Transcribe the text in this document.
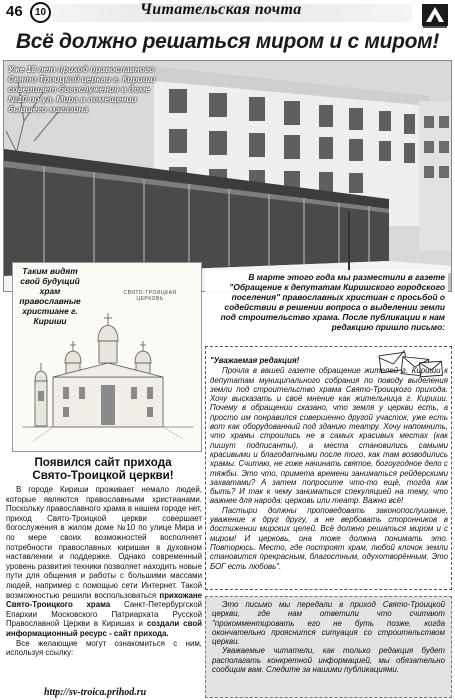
46	10	Читательская почта
Всё должно решаться миром и с миром!
Уже 18 лет приход православного Свято-Троицкой церкви г. Кириши совершает богослужения в доме №10 по ул. Мира в помещении бывшего магазина
Таким видят свой будущий храм православные христиане г. Кириши
СВЯТО-ТРОИЦКАЯ ЦЕРКОВЬ
В марте этого года мы разместили в газете "Обращение к депутатам Киришского городского поселения" православных христиан с просьбой о содействии в решении вопроса о выделении земли под строительство храма. После публикации к нам редакцию пришло письмо:

"Уважаемая редакция!

Прочла в вашей газете обращение жителей г. Кириши к депутатам муниципального собрания по поводу выделения земли под строительство храма Свято-Троицкого прихода. Хочу высказать и своё мнение как жительница г. Кириши. Почему в обращении сказано, что земля у церкви есть, а просто им понравился совершенно другой участок, уже есть вот как оборудованный под зданию театру. Хочу напомнить, что храмы строились не в самых красивых местах (как пишут подписанты), а места становились самыми красивыми и благодатными после того, как там возводились храмы. Считаю, не гоже начинать святое, богоугодное дело с тяжбы. Это что, примета времени заниматься рейдерскими захватами? А затем попросите что-то ещё, тогда как быть? И так к чему заниматься спекуляцией на тему, что важнее для народа: церковь или театр. Важно всё!

Пастыри должны проповедовать законопослушание, уважение к друг другу, а не вербовать сторонников в достижении мирских целей. Всё должно решаться миром и с миром! И церковь, она тоже должна понимать это. Повторюсь. Место, где построят храм, любой клочок земли становится прекрасным, благостным, одухотворённым. Это БОГ есть любовь".

Это письмо мы передали в приход Свято-Троицкой церкви, где нам ответили что считают "прокомментировать его не буть позже, когда окончательно прояснится ситуация со строительством церкви.

Уважаемые читатели, как только редакция будет располагать конкретной информацией, мы обязательно сообщим вам. Следите за нашими публикациями.

Появился сайт прихода
Свято-Троицкой церкви!

В городе Кириши проживает немало людей, которые являются православными христианами. Поскольку православного храма в нашем городе нет, приход Свято-Троицкой церкви совершает богослужения в жилом доме №10 по улице Мира и по мере своих возможностей восполняет потребности православных киришан в духовном наставлении и поддержке. Однако современный уровень развития техники позволяет находить новые пути для общения и работы с большими массами людей, например с помощью сети Интернет. Такой возможностью решили воспользоваться прихожане Свято-Троицкого храма Санкт-Петербургской Епархии Московского Патриархата Русской Православной Церкви в Киришах и создали свой информационный ресурс - сайт прихода.

Все желающие могут ознакомиться с ним, используя ссылку:

http://sv-troica.prihod.ru
